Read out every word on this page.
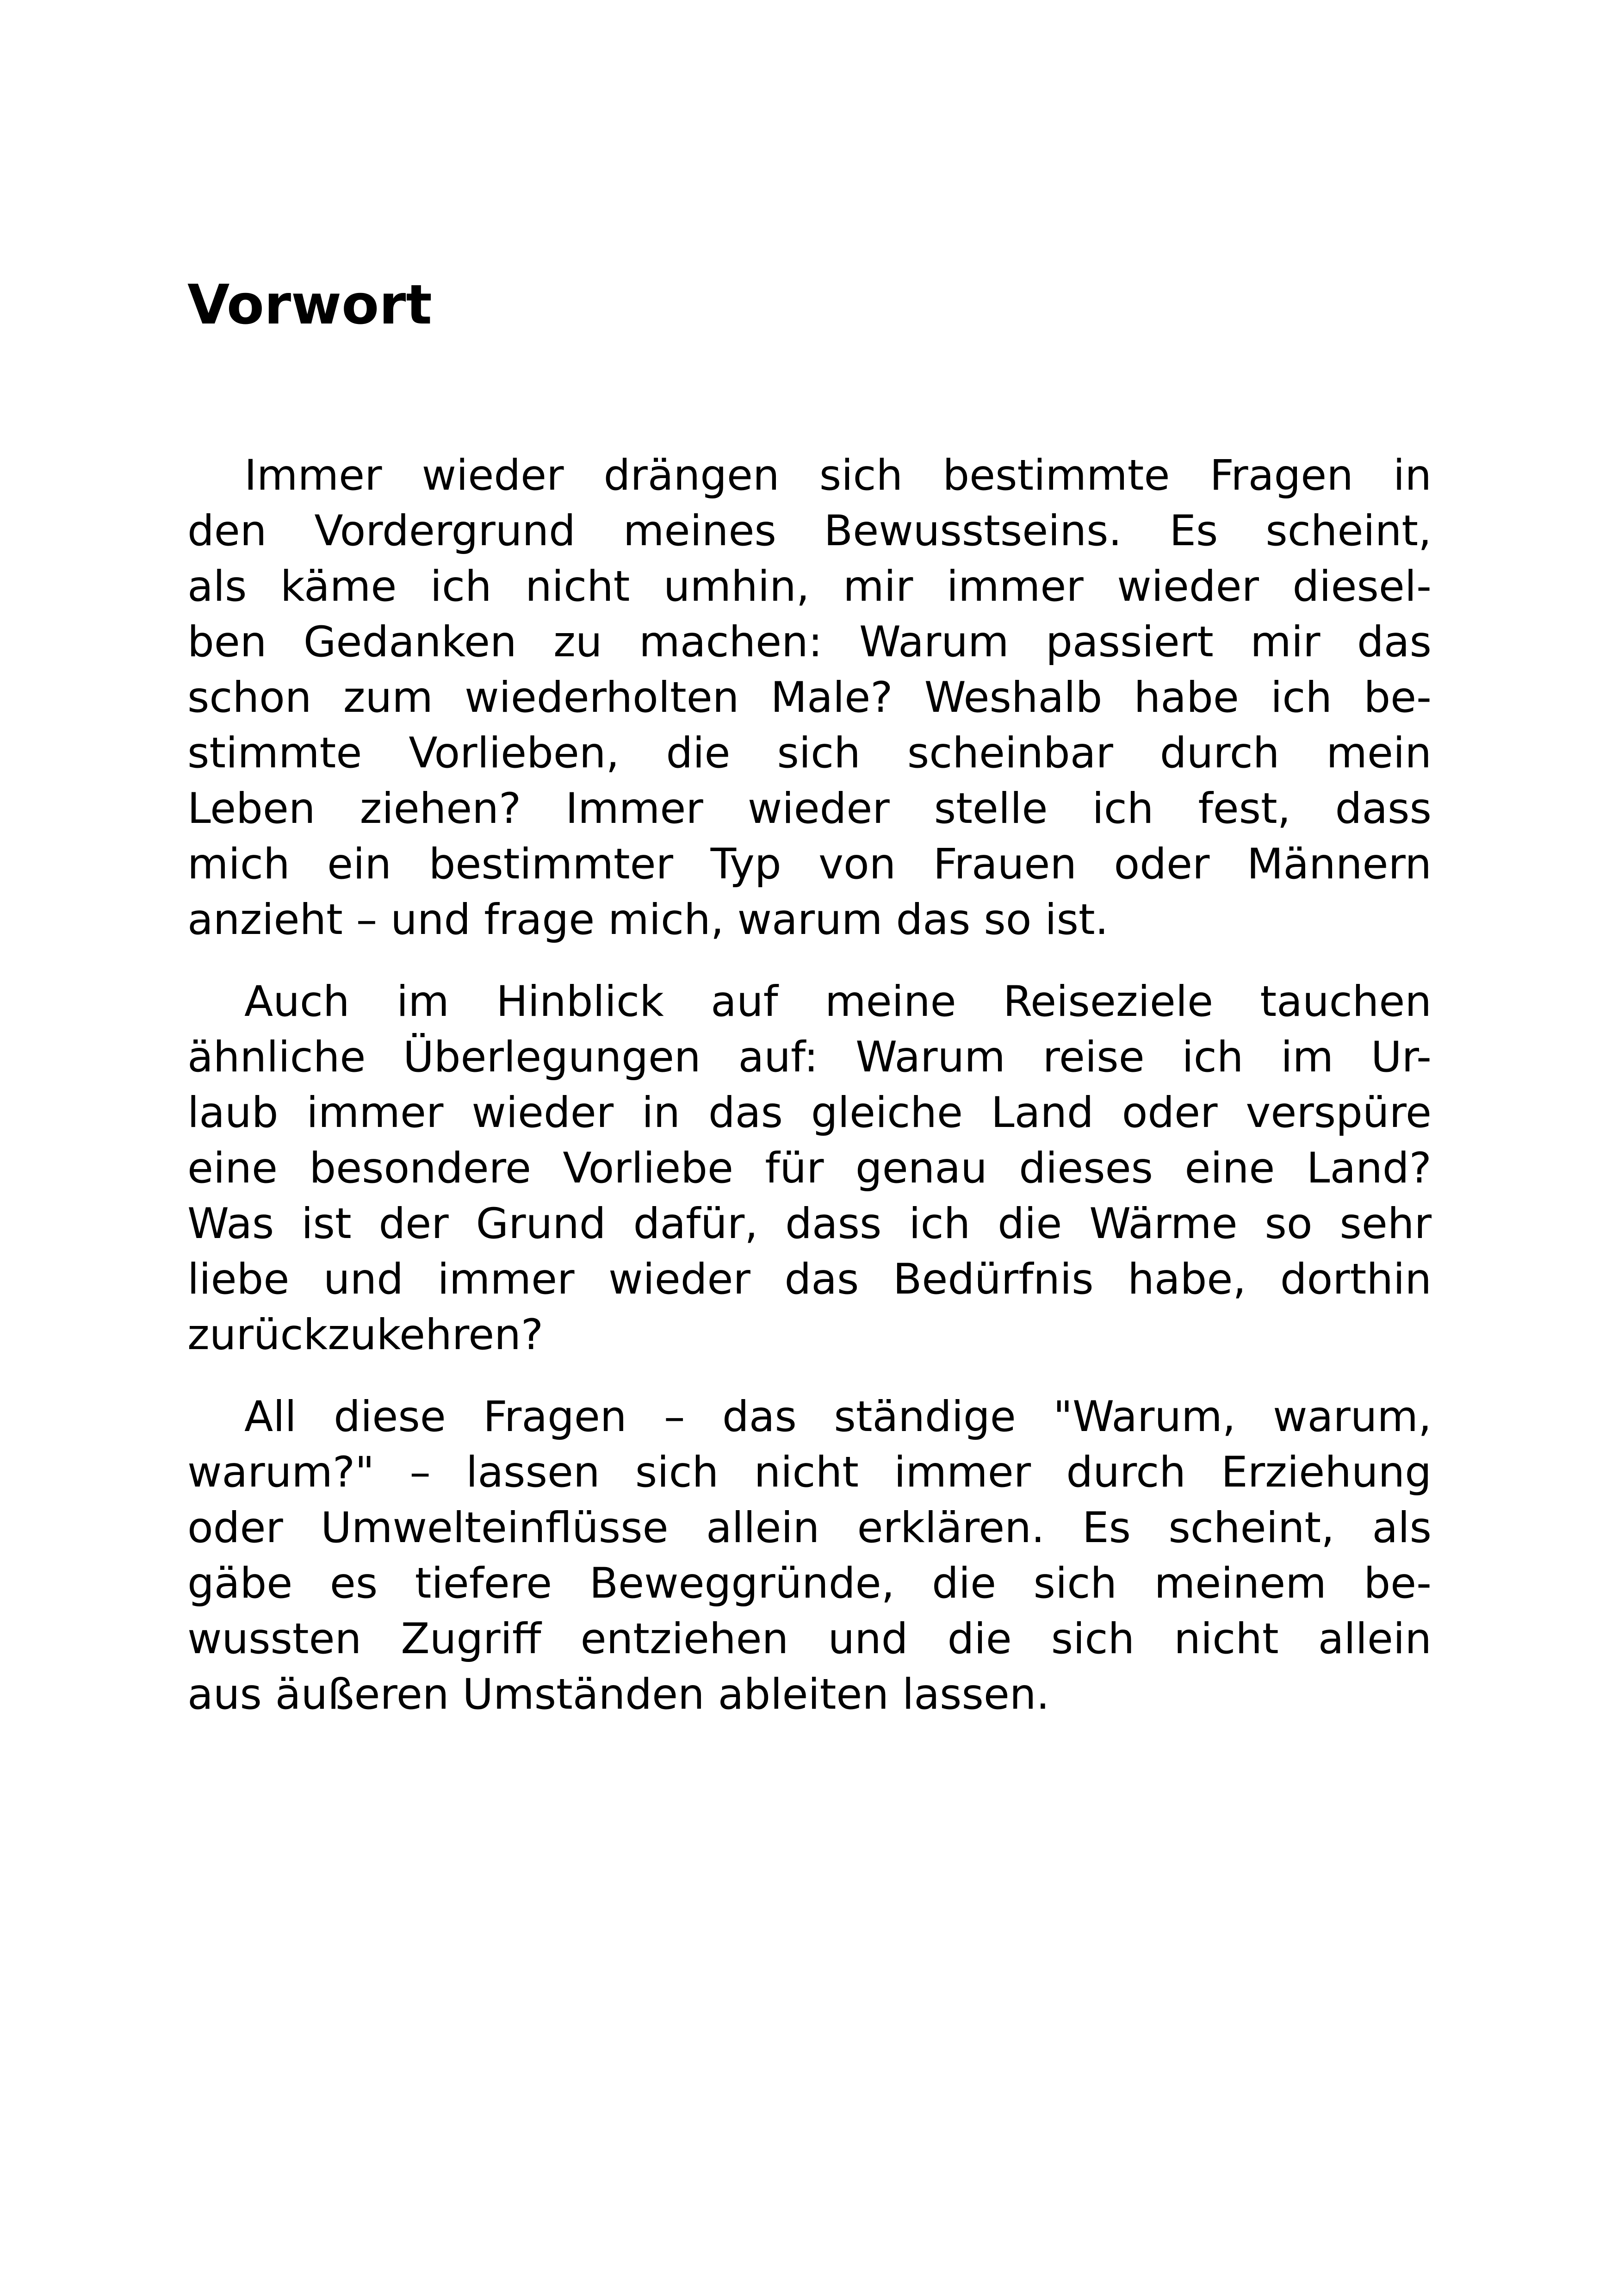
Vorwort

Immer wieder drängen sich bestimmte Fragen in
den Vordergrund meines Bewusstseins. Es scheint,
als käme ich nicht umhin, mir immer wieder diesel-
ben Gedanken zu machen: Warum passiert mir das
schon zum wiederholten Male? Weshalb habe ich be-
stimmte Vorlieben, die sich scheinbar durch mein
Leben ziehen? Immer wieder stelle ich fest, dass
mich ein bestimmter Typ von Frauen oder Männern
anzieht – und frage mich, warum das so ist.

Auch im Hinblick auf meine Reiseziele tauchen
ähnliche Überlegungen auf: Warum reise ich im Ur-
laub immer wieder in das gleiche Land oder verspüre
eine besondere Vorliebe für genau dieses eine Land?
Was ist der Grund dafür, dass ich die Wärme so sehr
liebe und immer wieder das Bedürfnis habe, dorthin
zurückzukehren?

All diese Fragen – das ständige "Warum, warum,
warum?" – lassen sich nicht immer durch Erziehung
oder Umwelteinflüsse allein erklären. Es scheint, als
gäbe es tiefere Beweggründe, die sich meinem be-
wussten Zugriff entziehen und die sich nicht allein
aus äußeren Umständen ableiten lassen.
